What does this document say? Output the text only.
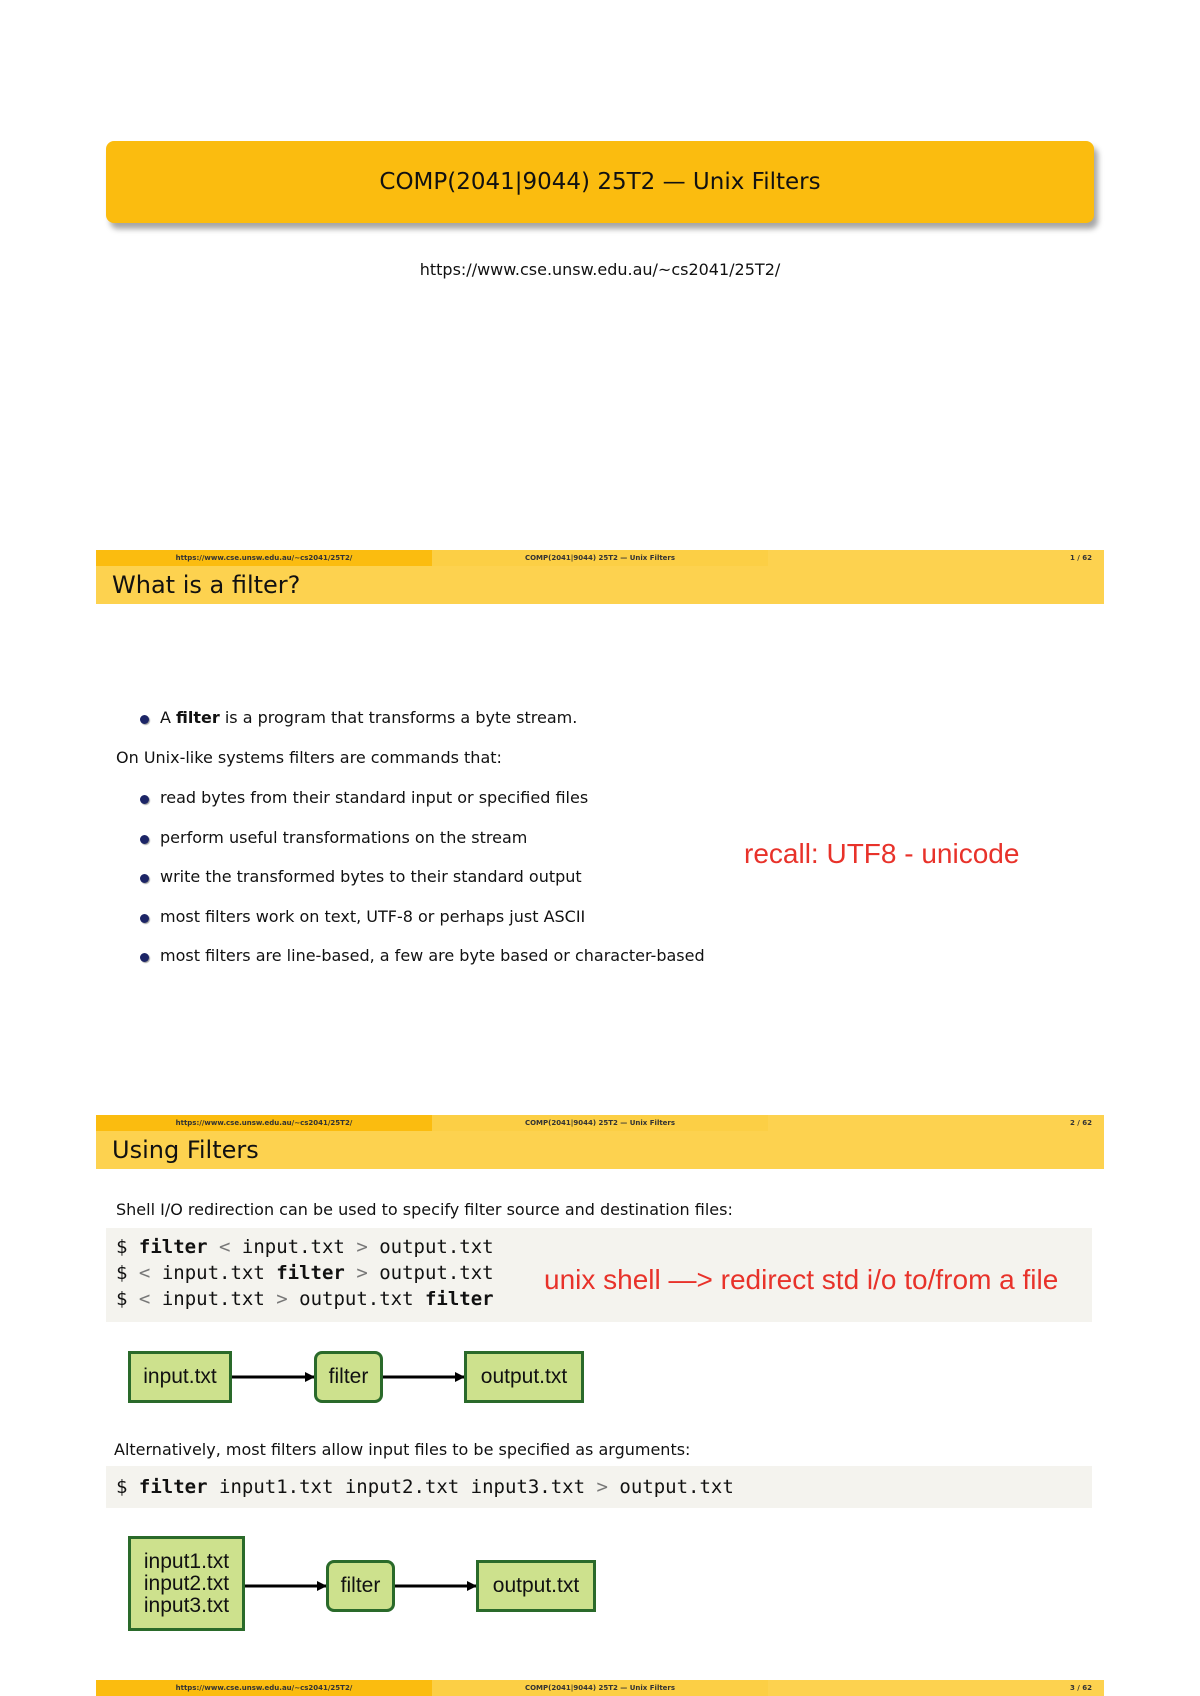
COMP(2041|9044) 25T2 — Unix Filters
https://www.cse.unsw.edu.au/~cs2041/25T2/
https://www.cse.unsw.edu.au/~cs2041/25T2/	COMP(2041|9044) 25T2 — Unix Filters	1 / 62
What is a filter?
A filter is a program that transforms a byte stream.
On Unix-like systems filters are commands that:
read bytes from their standard input or specified files
perform useful transformations on the stream
write the transformed bytes to their standard output
most filters work on text, UTF-8 or perhaps just ASCII
most filters are line-based, a few are byte based or character-based
recall: UTF8 - unicode
https://www.cse.unsw.edu.au/~cs2041/25T2/	COMP(2041|9044) 25T2 — Unix Filters	2 / 62
Using Filters
Shell I/O redirection can be used to specify filter source and destination files:
$ filter < input.txt > output.txt
$ < input.txt filter > output.txt
$ < input.txt > output.txt filter
unix shell —> redirect std i/o to/from a file
input.txt	filter	output.txt
Alternatively, most filters allow input files to be specified as arguments:
$ filter input1.txt input2.txt input3.txt > output.txt
input1.txt
input2.txt
input3.txt
filter	output.txt
https://www.cse.unsw.edu.au/~cs2041/25T2/	COMP(2041|9044) 25T2 — Unix Filters	3 / 62
